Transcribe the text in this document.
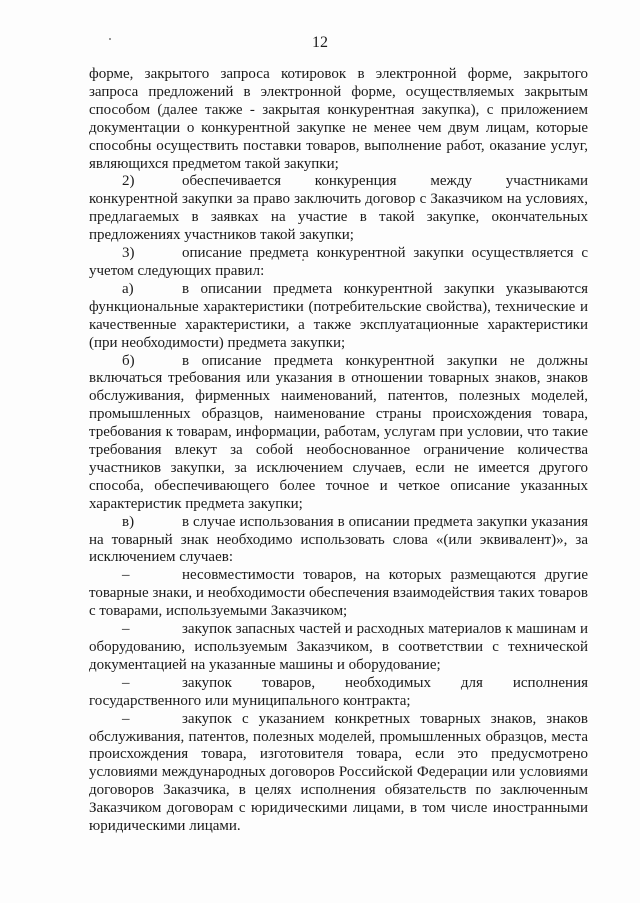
12

форме, закрытого запроса котировок в электронной форме, закрытого запроса предложений в электронной форме, осуществляемых закрытым способом (далее также - закрытая конкурентная закупка), с приложением документации о конкурентной закупке не менее чем двум лицам, которые способны осуществить поставки товаров, выполнение работ, оказание услуг, являющихся предметом такой закупки;

2)	обеспечивается конкуренция между участниками конкурентной закупки за право заключить договор с Заказчиком на условиях, предлагаемых в заявках на участие в такой закупке, окончательных предложениях участников такой закупки;

3)	описание предмета конкурентной закупки осуществляется с учетом следующих правил:

а)	в описании предмета конкурентной закупки указываются функциональные характеристики (потребительские свойства), технические и качественные характеристики, а также эксплуатационные характеристики (при необходимости) предмета закупки;

б)	в описание предмета конкурентной закупки не должны включаться требования или указания в отношении товарных знаков, знаков обслуживания, фирменных наименований, патентов, полезных моделей, промышленных образцов, наименование страны происхождения товара, требования к товарам, информации, работам, услугам при условии, что такие требования влекут за собой необоснованное ограничение количества участников закупки, за исключением случаев, если не имеется другого способа, обеспечивающего более точное и четкое описание указанных характеристик предмета закупки;

в)	в случае использования в описании предмета закупки указания на товарный знак необходимо использовать слова «(или эквивалент)», за исключением случаев:

–	несовместимости товаров, на которых размещаются другие товарные знаки, и необходимости обеспечения взаимодействия таких товаров с товарами, используемыми Заказчиком;

–	закупок запасных частей и расходных материалов к машинам и оборудованию, используемым Заказчиком, в соответствии с технической документацией на указанные машины и оборудование;

–	закупок товаров, необходимых для исполнения государственного или муниципального контракта;

–	закупок с указанием конкретных товарных знаков, знаков обслуживания, патентов, полезных моделей, промышленных образцов, места происхождения товара, изготовителя товара, если это предусмотрено условиями международных договоров Российской Федерации или условиями договоров Заказчика, в целях исполнения обязательств по заключенным Заказчиком договорам с юридическими лицами, в том числе иностранными юридическими лицами.
